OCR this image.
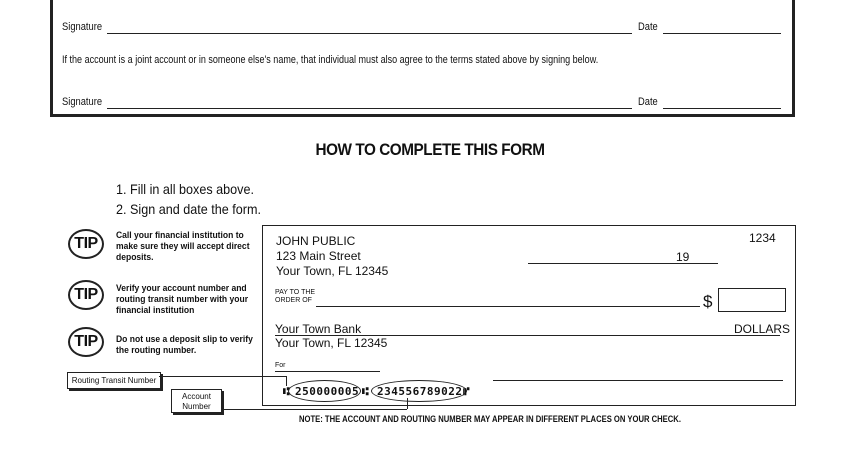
Signature	Date
If the account is a joint account or in someone else's name, that individual must also agree to the terms stated above by signing below.
Signature	Date
HOW TO COMPLETE THIS FORM
1. Fill in all boxes above.
2. Sign and date the form.
TIP	Call your financial institution to make sure they will accept direct deposits.
TIP	Verify your account number and routing transit number with your financial institution
TIP	Do not use a deposit slip to verify the routing number.
Routing Transit Number
Account
Number
JOHN PUBLIC
123 Main Street
Your Town, FL 12345
1234
19
PAY TO THE
ORDER OF	$
Your Town Bank	DOLLARS
Your Town, FL 12345
For
⑆ 250000005 ⑆ 234556789022 ⑈
NOTE: THE ACCOUNT AND ROUTING NUMBER MAY APPEAR IN DIFFERENT PLACES ON YOUR CHECK.
